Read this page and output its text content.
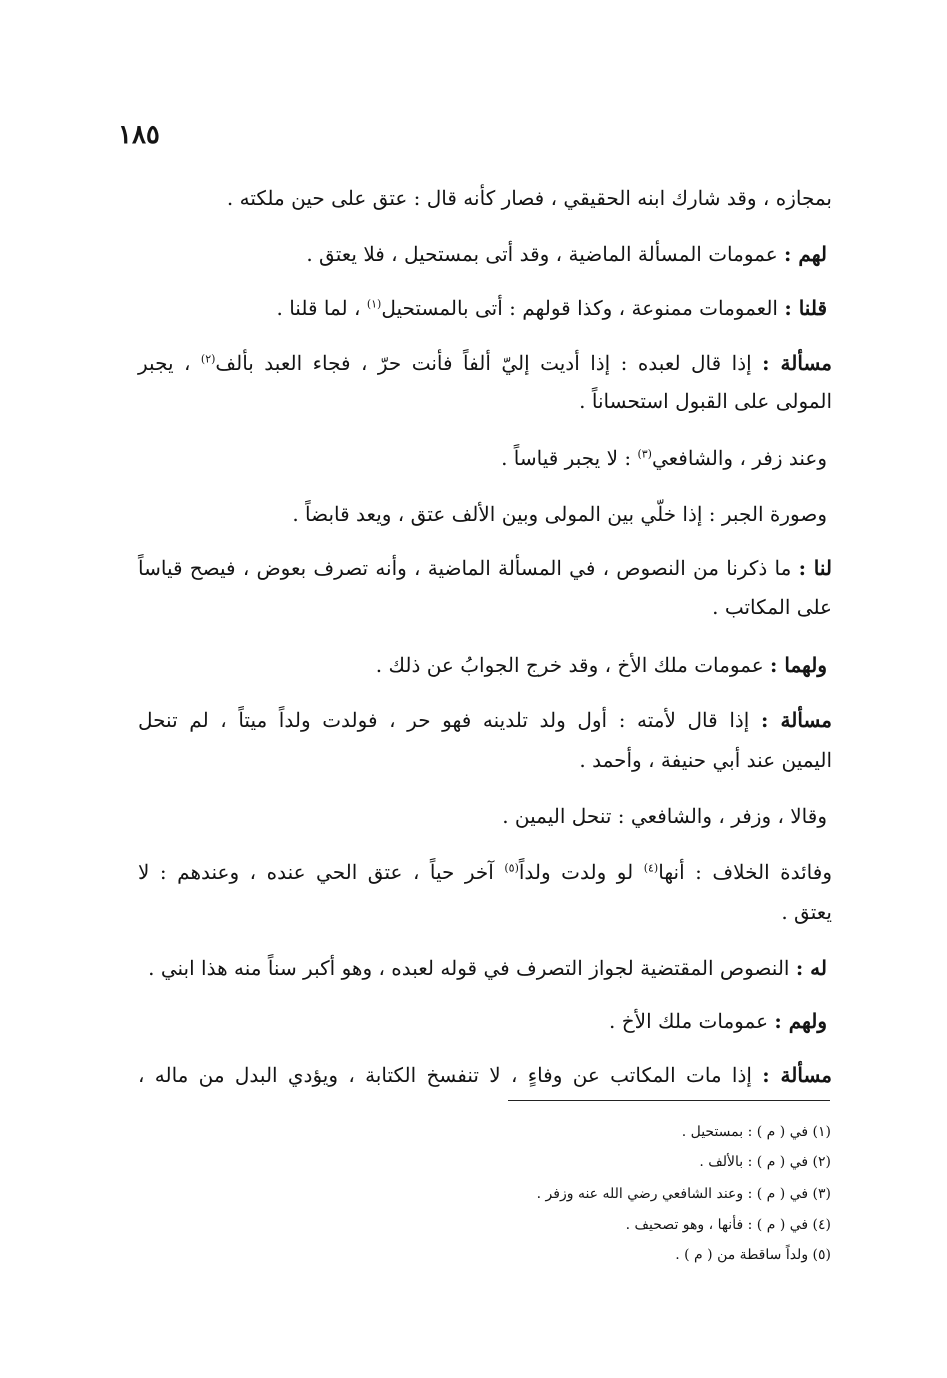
١٨٥
بمجازه ، وقد شارك ابنه الحقيقي ، فصار كأنه قال : عتق على حين ملكته .
لهم : عمومات المسألة الماضية ، وقد أتى بمستحيل ، فلا يعتق .
قلنا : العمومات ممنوعة ، وكذا قولهم : أتى بالمستحيل$^{(١)}$ ، لما قلنا .
مسألة : إذا قال لعبده : إذا أديت إليّ ألفاً فأنت حرّ ، فجاء العبد بألف$^{(٢)}$ ، يجبر
المولى على القبول استحساناً .
وعند زفر ، والشافعي$^{(٣)}$ : لا يجبر قياساً .
وصورة الجبر : إذا خلّي بين المولى وبين الألف عتق ، ويعد قابضاً .
لنا : ما ذكرنا من النصوص ، في المسألة الماضية ، وأنه تصرف بعوض ، فيصح قياساً
على المكاتب .
ولهما : عمومات ملك الأخ ، وقد خرج الجوابُ عن ذلك .
مسألة : إذا قال لأمته : أول ولد تلدينه فهو حر ، فولدت ولداً ميتاً ، لم تنحل
اليمين عند أبي حنيفة ، وأحمد .
وقالا ، وزفر ، والشافعي : تنحل اليمين .
وفائدة الخلاف : أنها$^{(٤)}$ لو ولدت ولداً$^{(٥)}$ آخر حياً ، عتق الحي عنده ، وعندهم : لا
يعتق .
له : النصوص المقتضية لجواز التصرف في قوله لعبده ، وهو أكبر سناً منه هذا ابني .
ولهم : عمومات ملك الأخ .
مسألة : إذا مات المكاتب عن وفاءٍ ، لا تنفسخ الكتابة ، ويؤدي البدل من ماله ،
(١) في ( م ) : بمستحيل .
(٢) في ( م ) : بالألف .
(٣) في ( م ) : وعند الشافعي رضي الله عنه وزفر .
(٤) في ( م ) : فأنها ، وهو تصحيف .
(٥) ولداً ساقطة من ( م ) .
